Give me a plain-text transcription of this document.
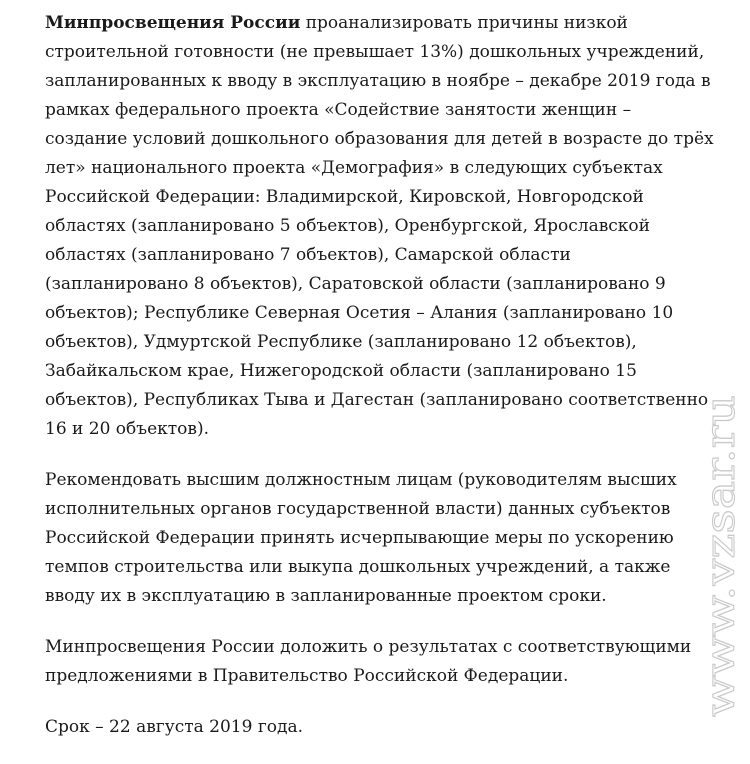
Минпросвещения России проанализировать причины низкой строительной готовности (не превышает 13%) дошкольных учреждений, запланированных к вводу в эксплуатацию в ноябре – декабре 2019 года в рамках федерального проекта «Содействие занятости женщин – создание условий дошкольного образования для детей в возрасте до трёх лет» национального проекта «Демография» в следующих субъектах Российской Федерации: Владимирской, Кировской, Новгородской областях (запланировано 5 объектов), Оренбургской, Ярославской областях (запланировано 7 объектов), Самарской области (запланировано 8 объектов), Саратовской области (запланировано 9 объектов); Республике Северная Осетия – Алания (запланировано 10 объектов), Удмуртской Республике (запланировано 12 объектов), Забайкальском крае, Нижегородской области (запланировано 15 объектов), Республиках Тыва и Дагестан (запланировано соответственно 16 и 20 объектов).

Рекомендовать высшим должностным лицам (руководителям высших исполнительных органов государственной власти) данных субъектов Российской Федерации принять исчерпывающие меры по ускорению темпов строительства или выкупа дошкольных учреждений, а также вводу их в эксплуатацию в запланированные проектом сроки.

Минпросвещения России доложить о результатах с соответствующими предложениями в Правительство Российской Федерации.

Срок – 22 августа 2019 года.

www.vzsar.ru
